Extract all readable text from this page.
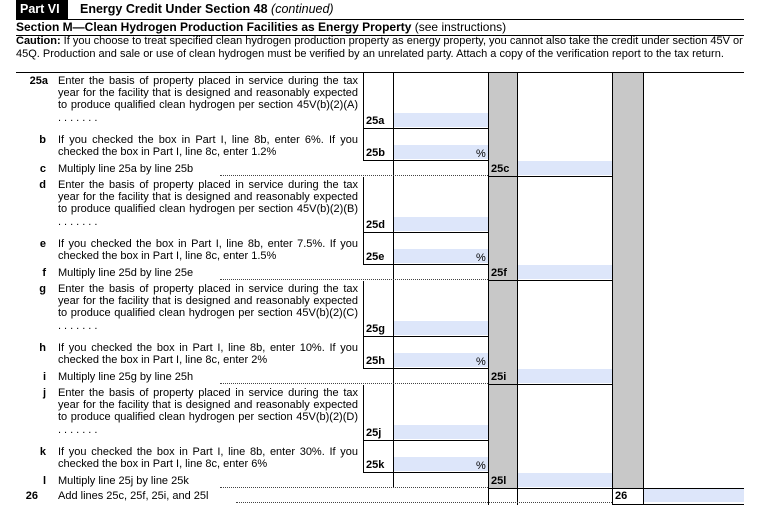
Part VI	Energy Credit Under Section 48 (continued)
Section M—Clean Hydrogen Production Facilities as Energy Property (see instructions)
Caution: If you choose to treat specified clean hydrogen production property as energy property, you cannot also take the credit under section 45V or 45Q. Production and sale or use of clean hydrogen must be verified by an unrelated party. Attach a copy of the verification report to the tax return.
25a
b
c
d
e
f
g
h
i
j
k
l
26
Enter the basis of property placed in service during the tax year for the facility that is designed and reasonably expected to produce qualified clean hydrogen per section 45V(b)(2)(A) .......
If you checked the box in Part I, line 8b, enter 6%. If you checked the box in Part I, line 8c, enter 1.2%
Multiply line 25a by line 25b
Enter the basis of property placed in service during the tax year for the facility that is designed and reasonably expected to produce qualified clean hydrogen per section 45V(b)(2)(B) .......
If you checked the box in Part I, line 8b, enter 7.5%. If you checked the box in Part I, line 8c, enter 1.5%
Multiply line 25d by line 25e
Enter the basis of property placed in service during the tax year for the facility that is designed and reasonably expected to produce qualified clean hydrogen per section 45V(b)(2)(C) .......
If you checked the box in Part I, line 8b, enter 10%. If you checked the box in Part I, line 8c, enter 2%
Multiply line 25g by line 25h
Enter the basis of property placed in service during the tax year for the facility that is designed and reasonably expected to produce qualified clean hydrogen per section 45V(b)(2)(D) .......
If you checked the box in Part I, line 8b, enter 30%. If you checked the box in Part I, line 8c, enter 6%
Multiply line 25j by line 25k
Add lines 25c, 25f, 25i, and 25l
25a
25b
25c
25d
25e
25f
25g
25h
25i
25j
25k
25l
26
%
%
%
%
